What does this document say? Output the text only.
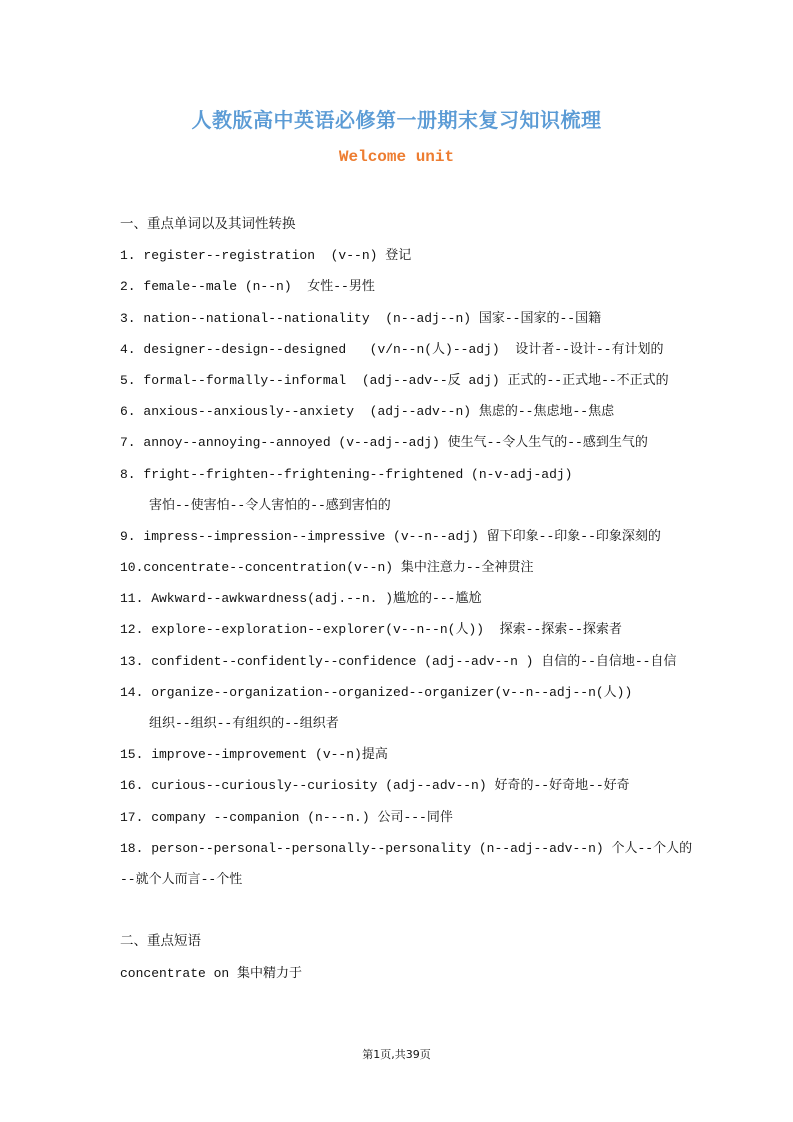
人教版高中英语必修第一册期末复习知识梳理
Welcome unit
一、重点单词以及其词性转换
1. register--registration  (v--n) 登记
2. female--male (n--n)  女性--男性
3. nation--national--nationality  (n--adj--n) 国家--国家的--国籍
4. designer--design--designed   (v/n--n(人)--adj)  设计者--设计--有计划的
5. formal--formally--informal  (adj--adv--反 adj) 正式的--正式地--不正式的
6. anxious--anxiously--anxiety  (adj--adv--n) 焦虑的--焦虑地--焦虑
7. annoy--annoying--annoyed (v--adj--adj) 使生气--令人生气的--感到生气的
8. fright--frighten--frightening--frightened (n-v-adj-adj)
害怕--使害怕--令人害怕的--感到害怕的
9. impress--impression--impressive (v--n--adj) 留下印象--印象--印象深刻的
10.concentrate--concentration(v--n) 集中注意力--全神贯注
11. Awkward--awkwardness(adj.--n. )尴尬的---尴尬
12. explore--exploration--explorer(v--n--n(人))  探索--探索--探索者
13. confident--confidently--confidence (adj--adv--n ) 自信的--自信地--自信
14. organize--organization--organized--organizer(v--n--adj--n(人))
组织--组织--有组织的--组织者
15. improve--improvement (v--n)提高
16. curious--curiously--curiosity (adj--adv--n) 好奇的--好奇地--好奇
17. company --companion (n---n.) 公司---同伴
18. person--personal--personally--personality (n--adj--adv--n) 个人--个人的
--就个人而言--个性
二、重点短语
concentrate on 集中精力于
第1页,共39页
